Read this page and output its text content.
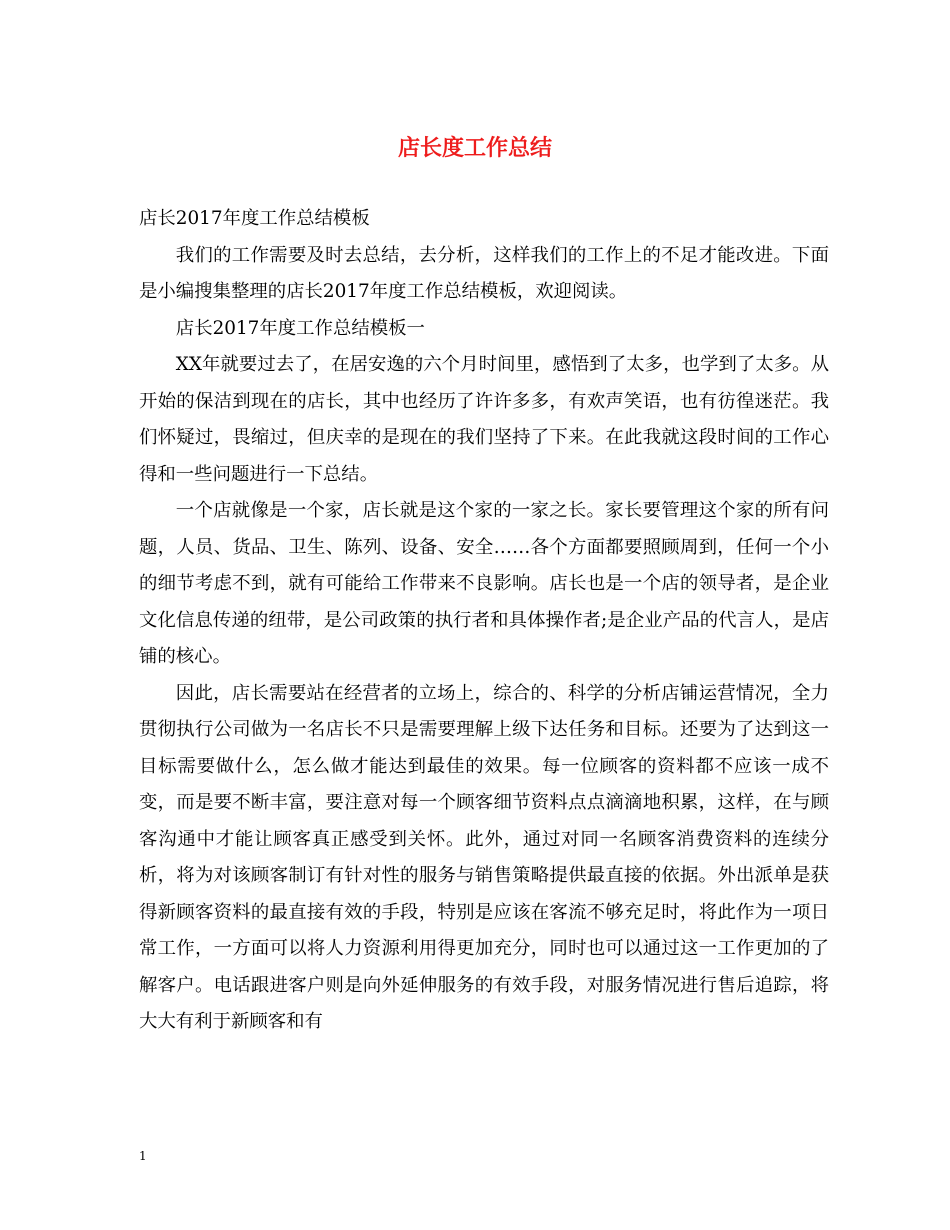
店长度工作总结

店长2017年度工作总结模板

我们的工作需要及时去总结，去分析，这样我们的工作上的不足才能改进。下面是小编搜集整理的店长2017年度工作总结模板，欢迎阅读。

店长2017年度工作总结模板一

XX年就要过去了，在居安逸的六个月时间里，感悟到了太多，也学到了太多。从开始的保洁到现在的店长，其中也经历了许许多多，有欢声笑语，也有彷徨迷茫。我们怀疑过，畏缩过，但庆幸的是现在的我们坚持了下来。在此我就这段时间的工作心得和一些问题进行一下总结。

一个店就像是一个家，店长就是这个家的一家之长。家长要管理这个家的所有问题，人员、货品、卫生、陈列、设备、安全……各个方面都要照顾周到，任何一个小的细节考虑不到，就有可能给工作带来不良影响。店长也是一个店的领导者，是企业文化信息传递的纽带，是公司政策的执行者和具体操作者;是企业产品的代言人，是店铺的核心。

因此，店长需要站在经营者的立场上，综合的、科学的分析店铺运营情况，全力贯彻执行公司做为一名店长不只是需要理解上级下达任务和目标。还要为了达到这一目标需要做什么，怎么做才能达到最佳的效果。每一位顾客的资料都不应该一成不变，而是要不断丰富，要注意对每一个顾客细节资料点点滴滴地积累，这样，在与顾客沟通中才能让顾客真正感受到关怀。此外，通过对同一名顾客消费资料的连续分析，将为对该顾客制订有针对性的服务与销售策略提供最直接的依据。外出派单是获得新顾客资料的最直接有效的手段，特别是应该在客流不够充足时，将此作为一项日常工作，一方面可以将人力资源利用得更加充分，同时也可以通过这一工作更加的了解客户。电话跟进客户则是向外延伸服务的有效手段，对服务情况进行售后追踪，将大大有利于新顾客和有

1
